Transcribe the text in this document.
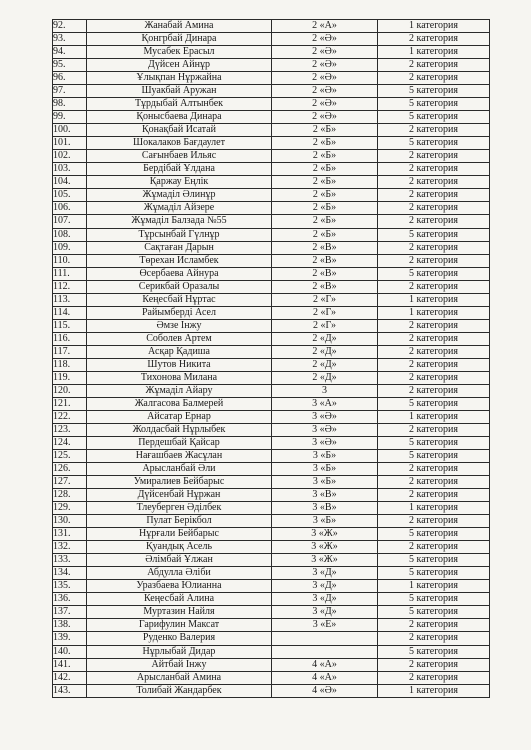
92.	Жанабай Амина	2 «А»	1 категория
93.	Қонгрбай Динара	2 «Ә»	2 категория
94.	Мусабек Ерасыл	2 «Ә»	1 категория
95.	Дүйсен Айнұр	2 «Ә»	2 категория
96.	Ұлықпан Нұржайна	2 «Ә»	2 категория
97.	Шуакбай Аружан	2 «Ә»	5 категория
98.	Тұрдыбай Алтынбек	2 «Ә»	5 категория
99.	Қонысбаева Динара	2 «Ә»	5 категория
100.	Қонақбай Исатай	2 «Б»	2 категория
101.	Шокалаков Бағдаулет	2 «Б»	5 категория
102.	Сағынбаев Ильяс	2 «Б»	2 категория
103.	Бердібай Ұлдана	2 «Б»	2 категория
104.	Қаржау Еңлік	2 «Б»	2 категория
105.	Жұмаділ Әлинұр	2 «Б»	2 категория
106.	Жұмаділ Айзере	2 «Б»	2 категория
107.	Жұмаділ Балзада №55	2 «Б»	2 категория
108.	Тұрсынбай Гүлнұр	2 «Б»	5 категория
109.	Сақтаған Дарын	2 «В»	2 категория
110.	Төрехан Исламбек	2 «В»	2 категория
111.	Өсербаева Айнура	2 «В»	5 категория
112.	Серикбай Оразалы	2 «В»	2 категория
113.	Кеңесбай Нұртас	2 «Г»	1 категория
114.	Райымберді Асел	2 «Г»	1 категория
115.	Әмзе Інжу	2 «Г»	2 категория
116.	Соболев Артем	2 «Д»	2 категория
117.	Асқар Қадиша	2 «Д»	2 категория
118.	Шутов Никита	2 «Д»	2 категория
119.	Тихонова Милана	2 «Д»	2 категория
120.	Жұмаділ Айару	3	2 категория
121.	Жалгасова Балмерей	3 «А»	5 категория
122.	Айсатар Ернар	3 «Ә»	1 категория
123.	Жолдасбай Нұрлыбек	3 «Ә»	2 категория
124.	Пердешбай Қайсар	3 «Ә»	5 категория
125.	Нағашбаев Жасұлан	3 «Б»	5 категория
126.	Арысланбай Әли	3 «Б»	2 категория
127.	Умиралиев Бейбарыс	3 «Б»	2 категория
128.	Дүйсенбай Нұржан	3 «В»	2 категория
129.	Тлеуберген Әділбек	3 «В»	1 категория
130.	Пулат Берікбол	3 «Б»	2 категория
131.	Нұрғали Бейбарыс	3 «Ж»	5 категория
132.	Қуандық Асель	3 «Ж»	2 категория
133.	Әлімбай Ұлжан	3 «Ж»	5 категория
134.	Абдулла Әліби	3 «Д»	5 категория
135.	Уразбаева Юлианна	3 «Д»	1 категория
136.	Кеңесбай Алина	3 «Д»	5 категория
137.	Муртазин Найля	3 «Д»	5 категория
138.	Гарифулин Максат	3 «Е»	2 категория
139.	Руденко Валерия		2 категория
140.	Нұрлыбай Дидар		5 категория
141.	Айтбай Інжу	4 «А»	2 категория
142.	Арысланбай Амина	4 «А»	2 категория
143.	Толибай Жандарбек	4 «Ә»	1 категория
